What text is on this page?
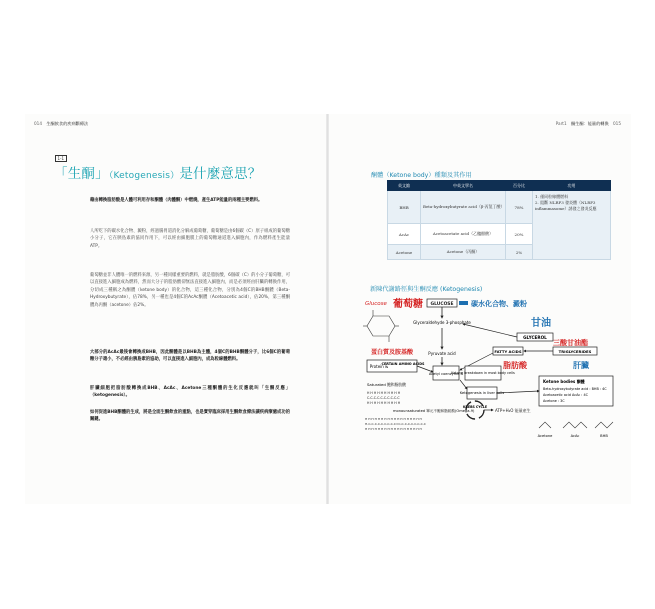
014 生酮飲食的疾病斷療法	Part1 酮生酮：能量的轉換 015
1-1
「生酮」（Ketogenesis）是什麼意思？
藉由轉換脂肪酸是人體可利用存和酮體（肉體酮）中燃燒，產生ATP能量的兩種主要燃料。
人所吃下的碳水化合物、澱粉，經過腸胃道消化分解成葡萄糖，葡萄糖是由6個碳（C）原子組成的葡萄糖小分子，它在胰島素的協同作用下，可以經由細胞膜上的葡萄糖通道進入細胞內，作為燃料產生能量ATP。
葡萄糖並非人體唯一的燃料來源，另一種同樣重要的燃料，就是脂肪酸，6個碳（C）的小分子葡萄糖，可以直接進入細胞成為燃料，然而大分子的脂肪酸卻無法直接進入細胞內，而是必須經由肝臟的轉換作用，分切成三種稱之為酮體（ketone body）的化合物，這三種化合物，分別為4個C的BHB酮體（Beta-Hydroxybutyrate），佔78%，另一種也是4個C的AcAc酮體（Acetoacetic acid），佔20%，第三種酮體為丙酮（acetone）佔2%。
大部分的AcAc最後會轉換成BHB，因此酮體是以BHB為主體，4個C的BHB酮體分子，比6個C的葡萄糖分子還小，不必經由胰島素的協助，可以直接進入細胞內，成為粒線體燃料。
肝臟細胞把脂肪酸轉換成BHB、AcAc、Acetone三種酮體的生化反應就叫「生酮反應」（ketogenesis）。
如何促進BHB酮體的生成，將是全面生酮飲食的重點，也是實穿臨床採用生酮飲食療法讓疾病療癒成功的關鍵。
酮體（Ketone body）種類及其作用
英文縮	中英文學名	百分比	功用
BHB	Beta-hydroxybutyrate acid（β-丙氫丁酸）	78%	1. 僅同粒線體燃料
2. 阻斷 NLRP3 發炎體（NLRP3 inflammasome）誘發之發炎反應
AcAc	Acetoacetate acid（乙醯醋酸）	20%	
Acetone	Acetone（丙酮）	2%	
新陳代謝路徑與生酮反應 (Ketogenesis)
Glucose 葡萄糖 GLUCOSE	碳水化合物、澱粉
甘油
GLYCEROL
Glyceraldehyde 3-phosphate
Pyruvate acid	FATTY ACIDS	TRIGLYCERIDES
三酸甘油酯
脂肪酸	肝臟
蛋白質及胺基酸
Protein &
CERTAIN AMINO ACIDS
Acetyl coenzyme A
Ketone breakdown in most body cells
Ketogenesis in liver cells
Saturated 飽和脂肪酸
H H H H H H H H H H
C-C-C-C-C-C-C-C-C-C
H H H H H H H H H H
monounsaturated 單元不飽和脂肪酸(Omega-9)
H H H H H H H H H H H H H H H H H H
H-C-C-C-C-C-C-C-C-C=C-C-C-C-C-C-C-C-C
H H H H H H H H H H H H H H H H H H
KREBS CYCLE
ATP+H₂O 能量產生
Ketone bodies 酮體
Beta-hydroxybutyrate acid : BHB : 4C
Acetoacetic acid AcAc : 4C
Acetone : 3C
Acetone	AcAc	BHB
